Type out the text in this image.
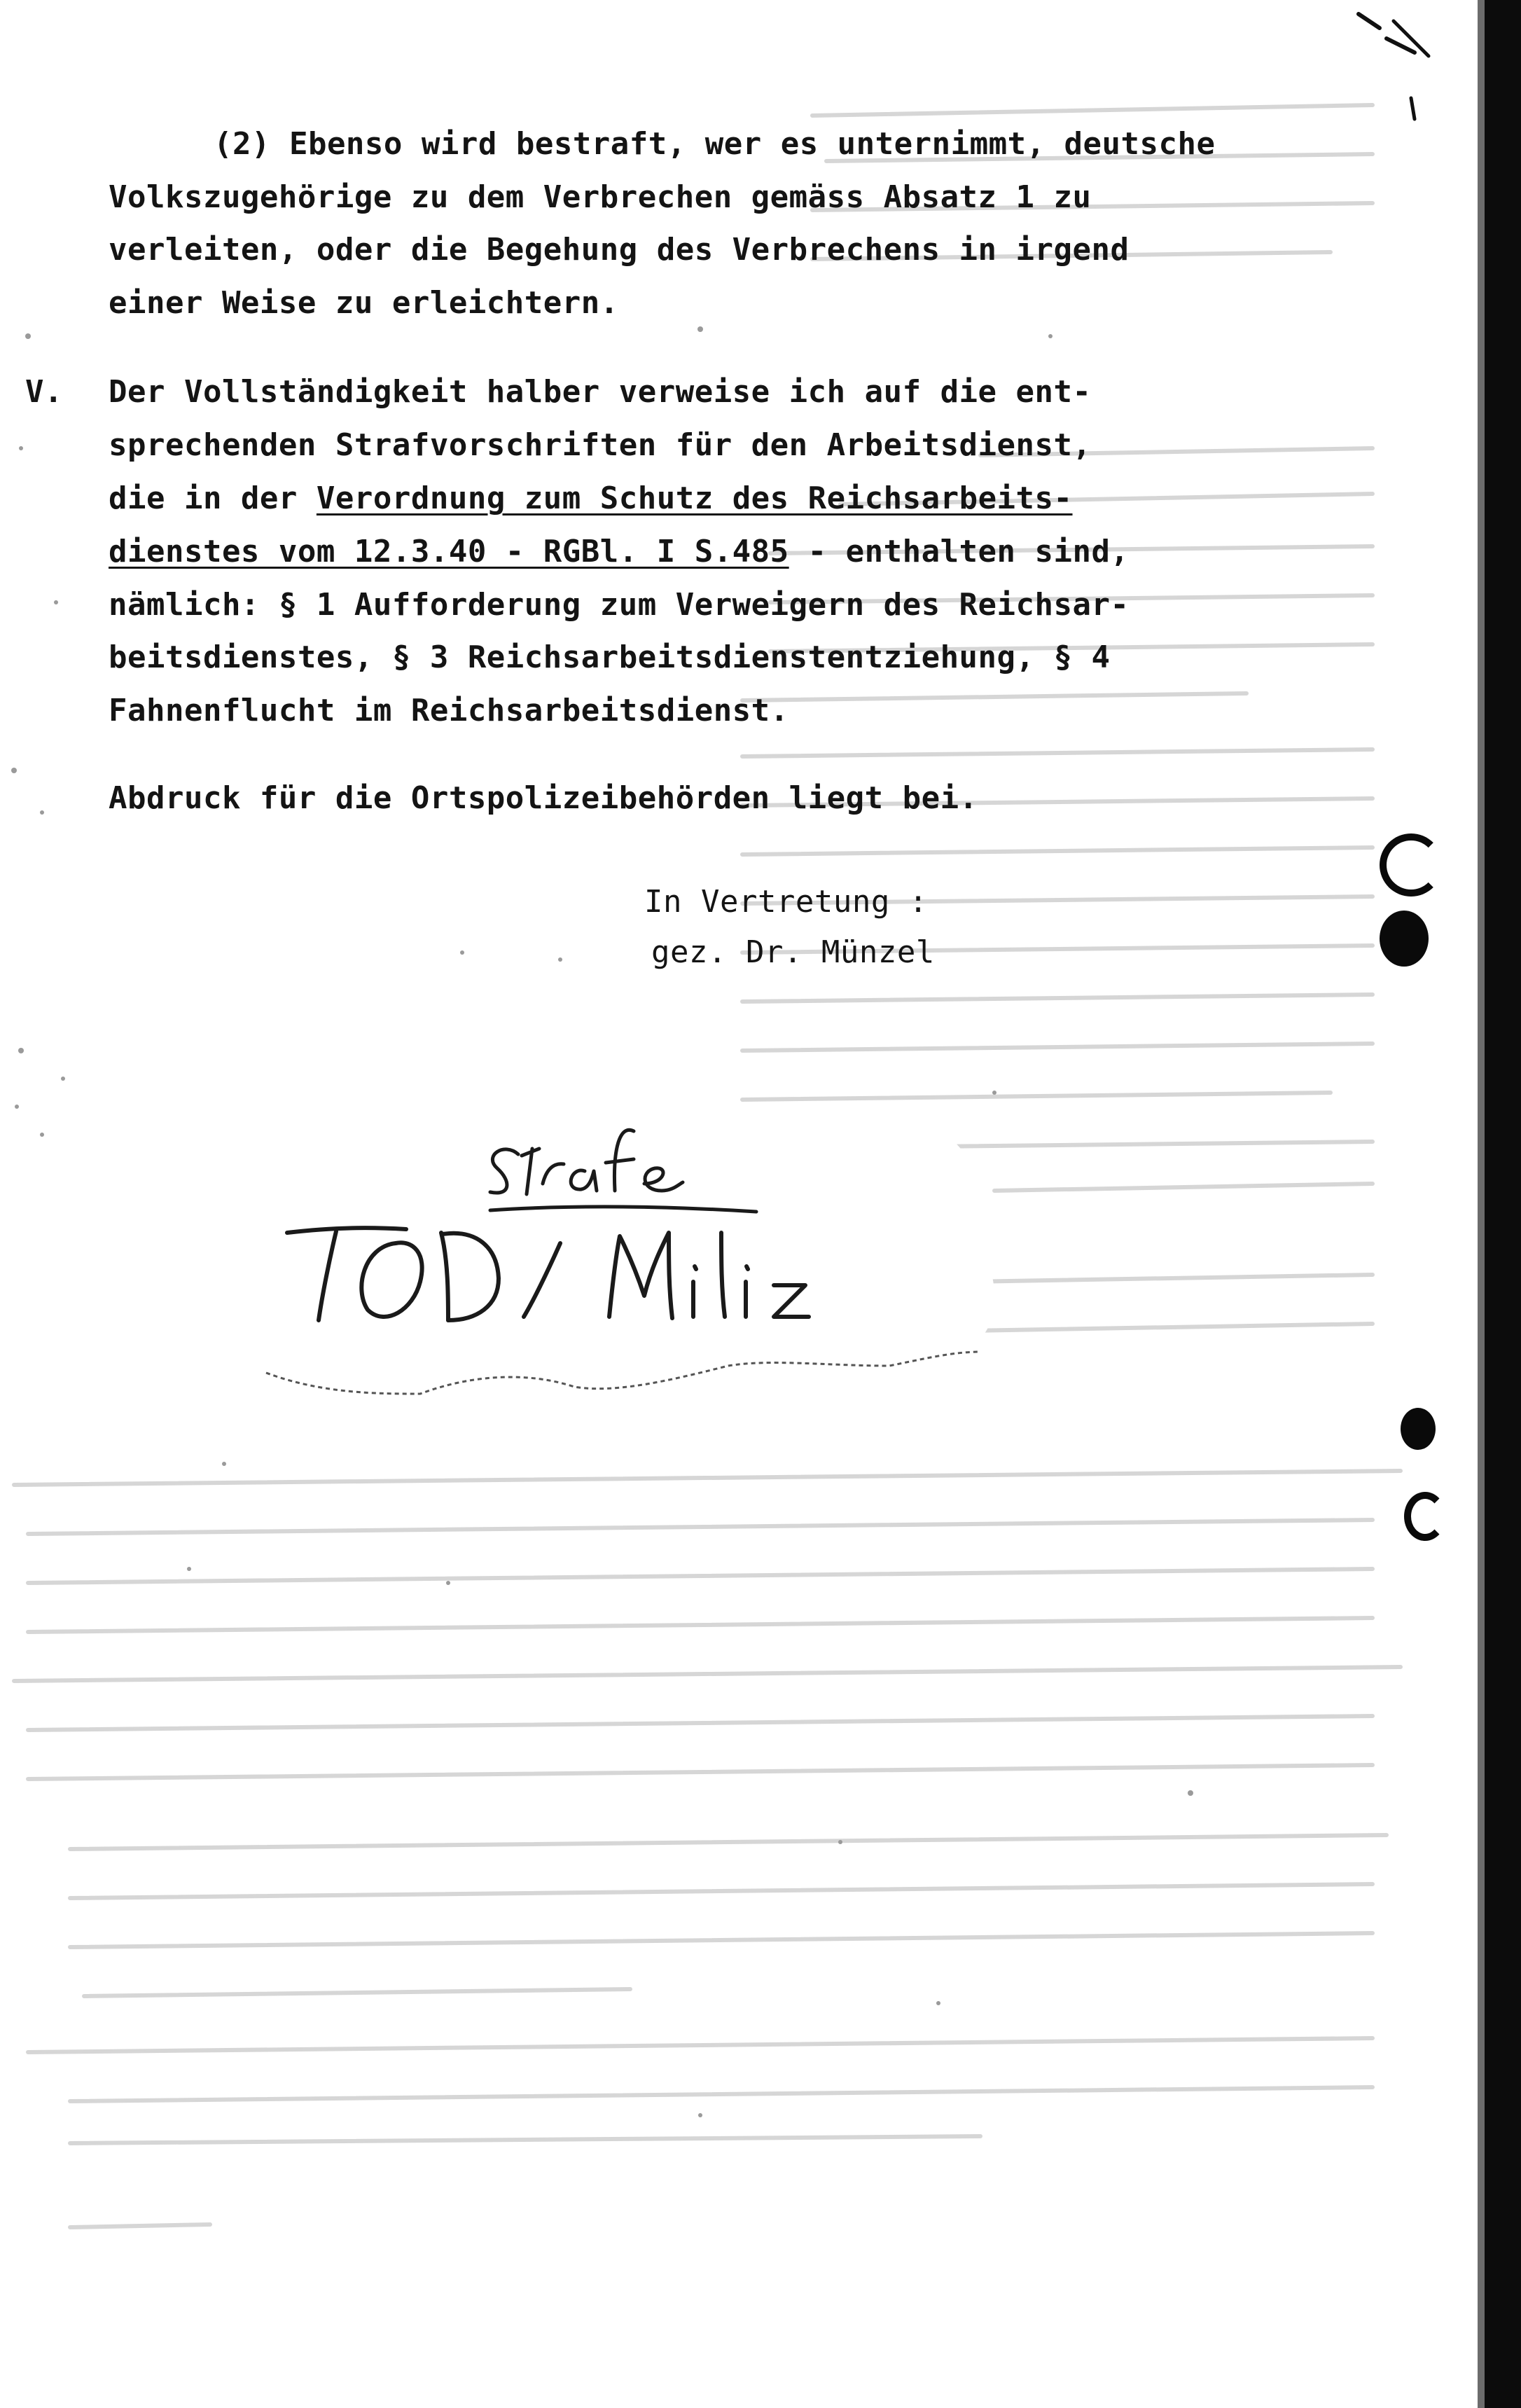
(2) Ebenso wird bestraft, wer es unternimmt, deutsche
Volkszugehörige zu dem Verbrechen gemäss Absatz 1 zu
verleiten, oder die Begehung des Verbrechens in irgend
einer Weise zu erleichtern.
V. Der Vollständigkeit halber verweise ich auf die ent-
sprechenden Strafvorschriften für den Arbeitsdienst,
die in der Verordnung zum Schutz des Reichsarbeits-
dienstes vom 12.3.40 - RGBl. I S.485 - enthalten sind,
nämlich: § 1 Aufforderung zum Verweigern des Reichsar-
beitsdienstes, § 3 Reichsarbeitsdienstentziehung, § 4
Fahnenflucht im Reichsarbeitsdienst.
Abdruck für die Ortspolizeibehörden liegt bei.
In Vertretung :
gez. Dr. Münzel
